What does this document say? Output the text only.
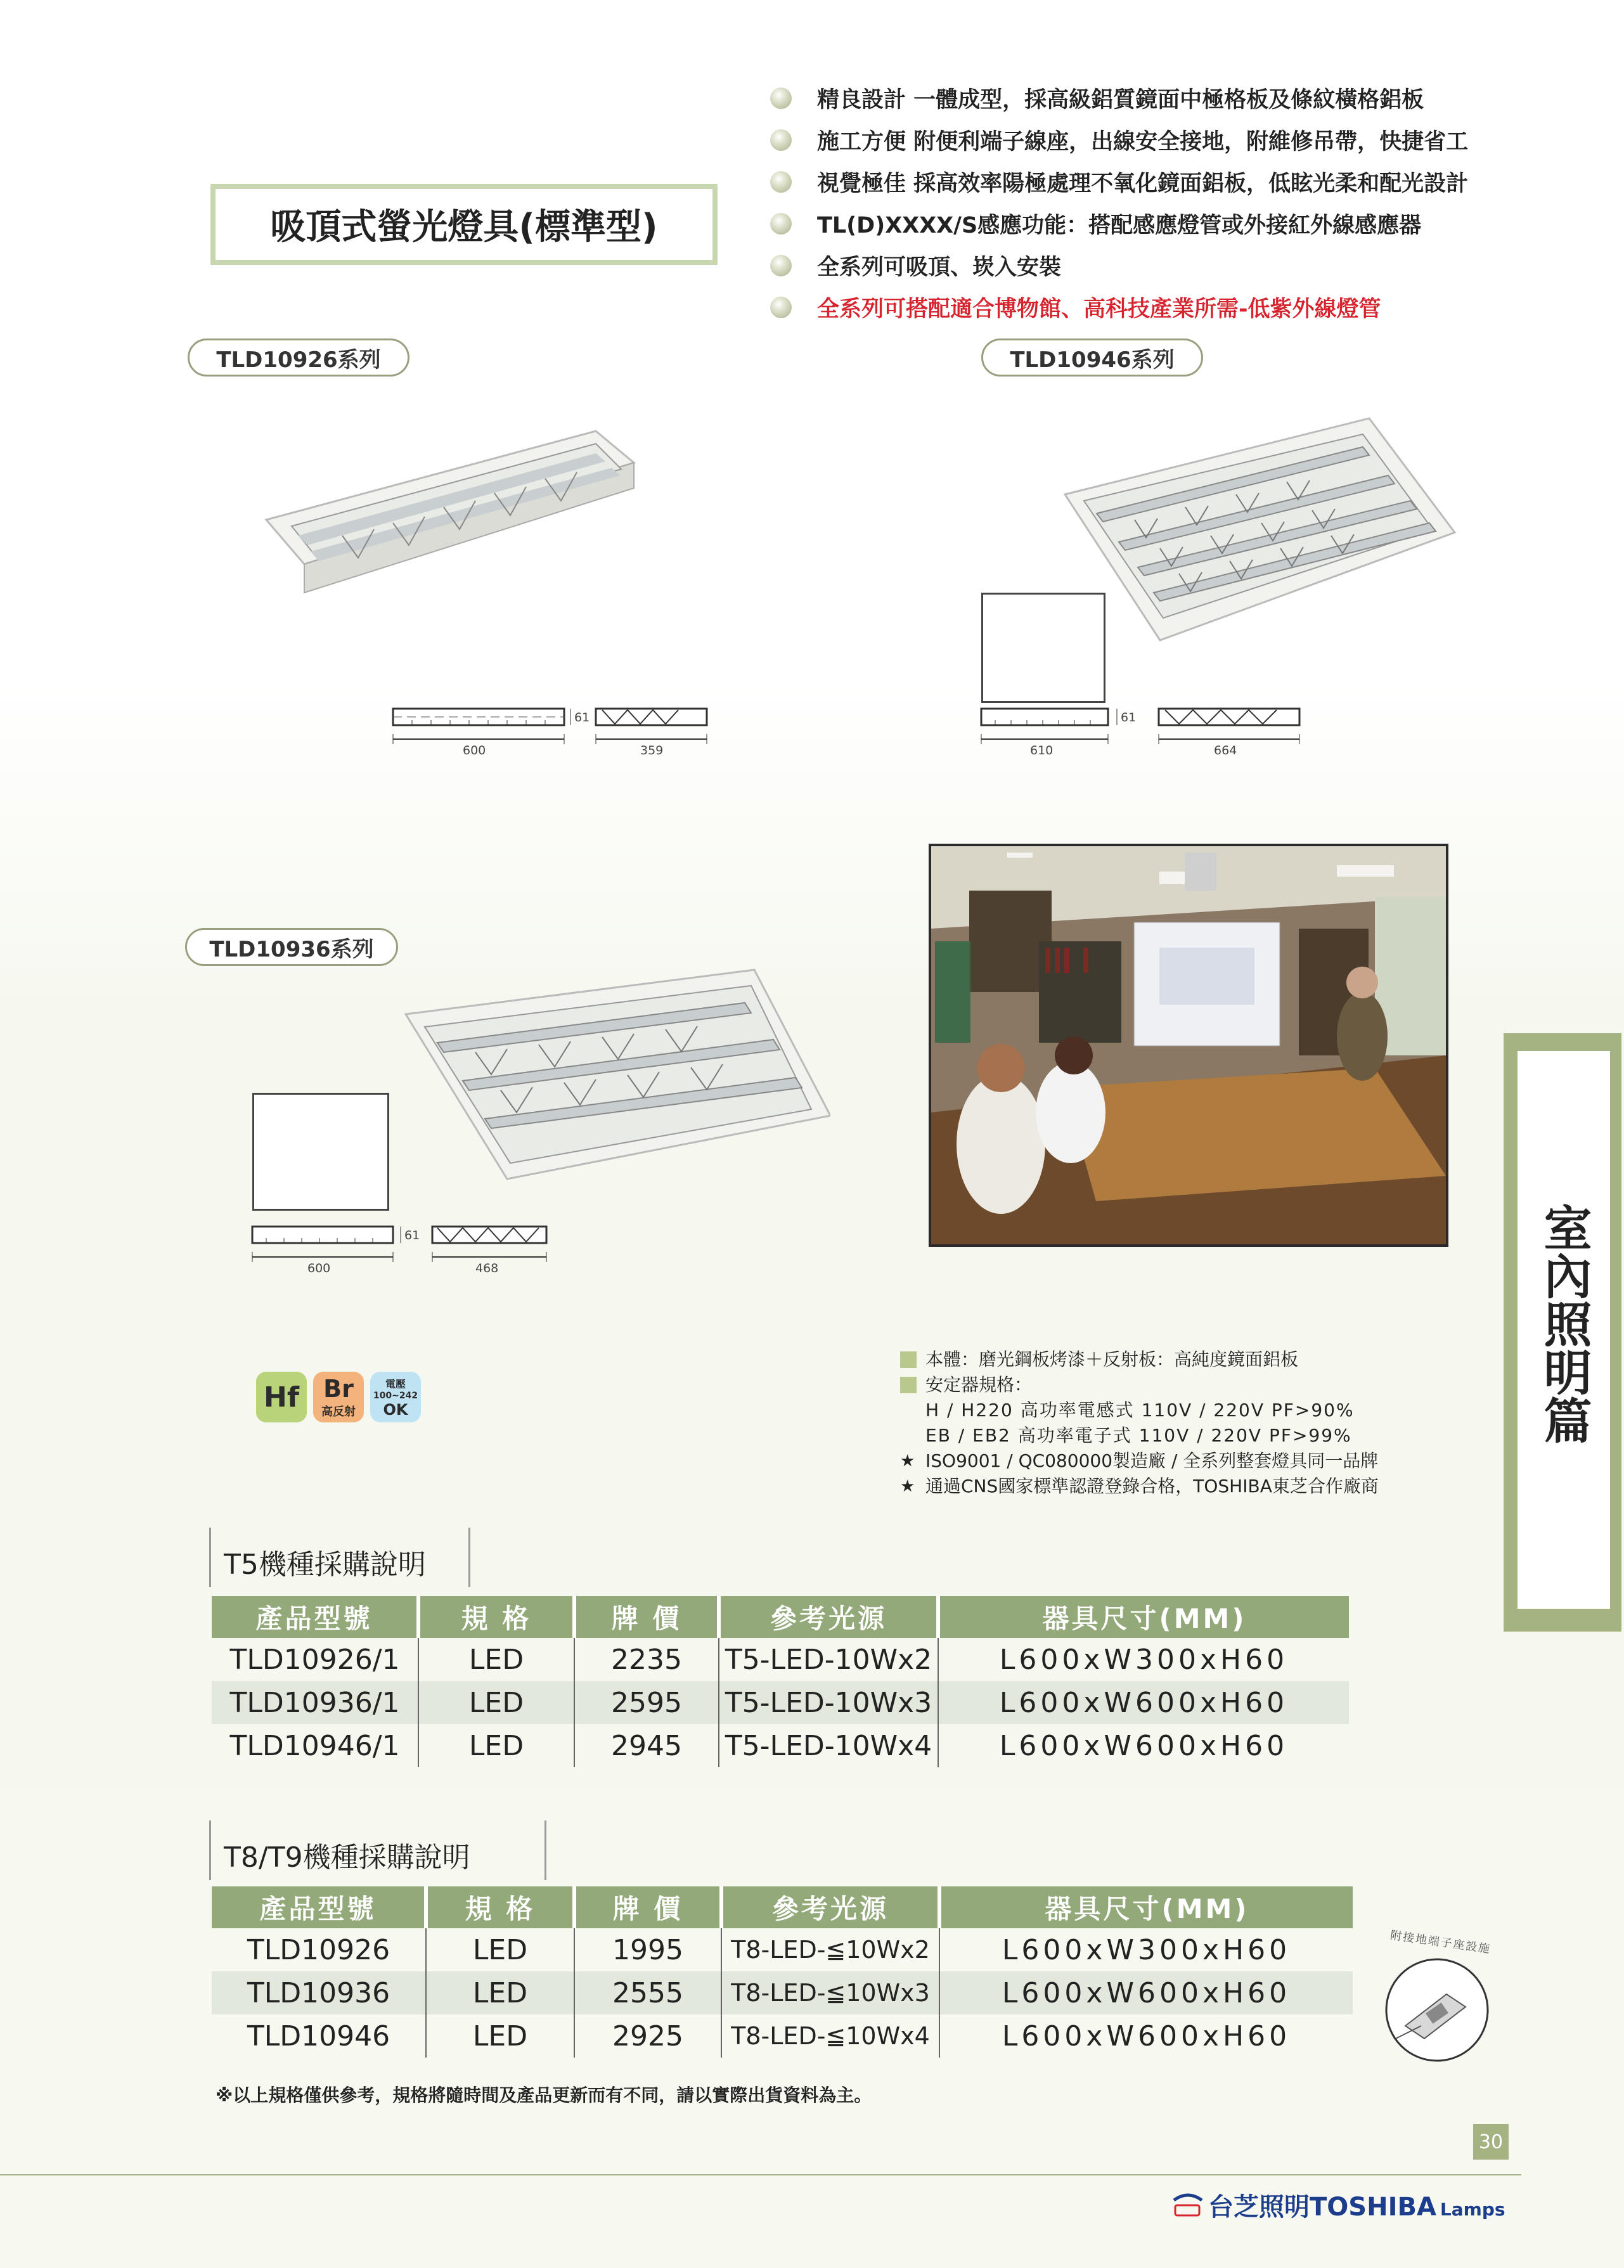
吸頂式螢光燈具(標準型)
精良設計 一體成型，採高級鋁質鏡面中極格板及條紋橫格鋁板
施工方便 附便利端子線座，出線安全接地，附維修吊帶，快捷省工
視覺極佳 採高效率陽極處理不氧化鏡面鋁板，低眩光柔和配光設計
TL(D)XXXX/S感應功能：搭配感應燈管或外接紅外線感應器
全系列可吸頂、崁入安裝
全系列可搭配適合博物館、高科技產業所需-低紫外線燈管
TLD10926系列	TLD10946系列
TLD10936系列
61
600	359
61
610	664
61
600	468
Hf	Br
高反射
電壓
100~242
OK
本體：磨光鋼板烤漆＋反射板：高純度鏡面鋁板
安定器規格：
H / H220 高功率電感式 110V / 220V PF>90%
EB / EB2 高功率電子式 110V / 220V PF>99%
★ ISO9001 / QC080000製造廠 / 全系列整套燈具同一品牌
★ 通過CNS國家標準認證登錄合格，TOSHIBA東芝合作廠商
室內照明篇
T5機種採購說明
產品型號	規 格	牌 價	參考光源	器具尺寸(MM)
TLD10926/1	LED	2235	T5-LED-10Wx2	L600xW300xH60
TLD10936/1	LED	2595	T5-LED-10Wx3	L600xW600xH60
TLD10946/1	LED	2945	T5-LED-10Wx4	L600xW600xH60
T8/T9機種採購說明
產品型號	規 格	牌 價	參考光源	器具尺寸(MM)
TLD10926	LED	1995	T8-LED-≦10Wx2	L600xW300xH60
TLD10936	LED	2555	T8-LED-≦10Wx3	L600xW600xH60
TLD10946	LED	2925	T8-LED-≦10Wx4	L600xW600xH60
附接地端子座設施
※以上規格僅供參考，規格將隨時間及產品更新而有不同，請以實際出貨資料為主。
30
台芝照明TOSHIBA Lamps
